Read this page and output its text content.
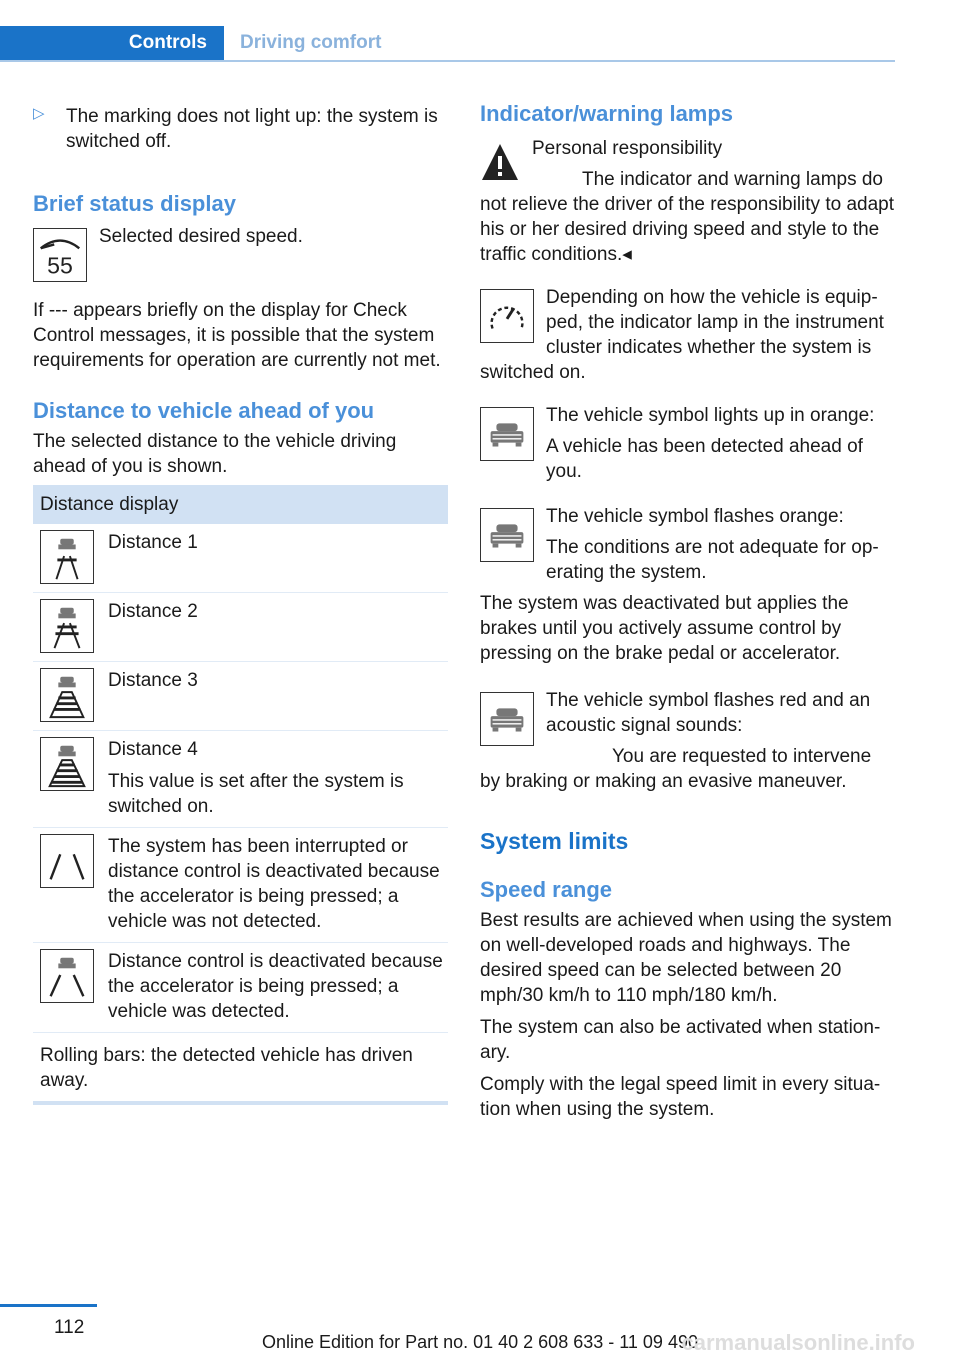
Controls	Driving comfort
▷ The marking does not light up: the system is switched off.

Brief status display
55

Selected desired speed.

If --- appears briefly on the display for Check Control messages, it is possible that the system requirements for operation are currently not met.

Distance to vehicle ahead of you

The selected distance to the vehicle driving ahead of you is shown.

Distance display

Distance 1

Distance 2

Distance 3

Distance 4

This value is set after the system is switched on.

The system has been interrupted or distance control is deactivated because the accelerator is being pressed; a vehicle was not detected.

Distance control is deactivated because the accelerator is being pressed; a vehicle was detected.

Rolling bars: the detected vehicle has driven away.

Indicator/warning lamps

Personal responsibility

The indicator and warning lamps do not relieve the driver of the responsibility to adapt his or her desired driving speed and style to the traffic conditions.◂

Depending on how the vehicle is equipped, the indicator lamp in the instrument cluster indicates whether the system is switched on.

The vehicle symbol lights up in orange:

A vehicle has been detected ahead of you.

The vehicle symbol flashes orange:

The conditions are not adequate for operating the system.

The system was deactivated but applies the brakes until you actively assume control by pressing on the brake pedal or accelerator.

The vehicle symbol flashes red and an acoustic signal sounds:

You are requested to intervene by braking or making an evasive maneuver.

System limits
Speed range

Best results are achieved when using the system on well-developed roads and highways. The desired speed can be selected between 20 mph/30 km/h to 110 mph/180 km/h.

The system can also be activated when stationary.

Comply with the legal speed limit in every situation when using the system.

112
Online Edition for Part no. 01 40 2 608 633 - 11 09 490
carmanualsonline.info
